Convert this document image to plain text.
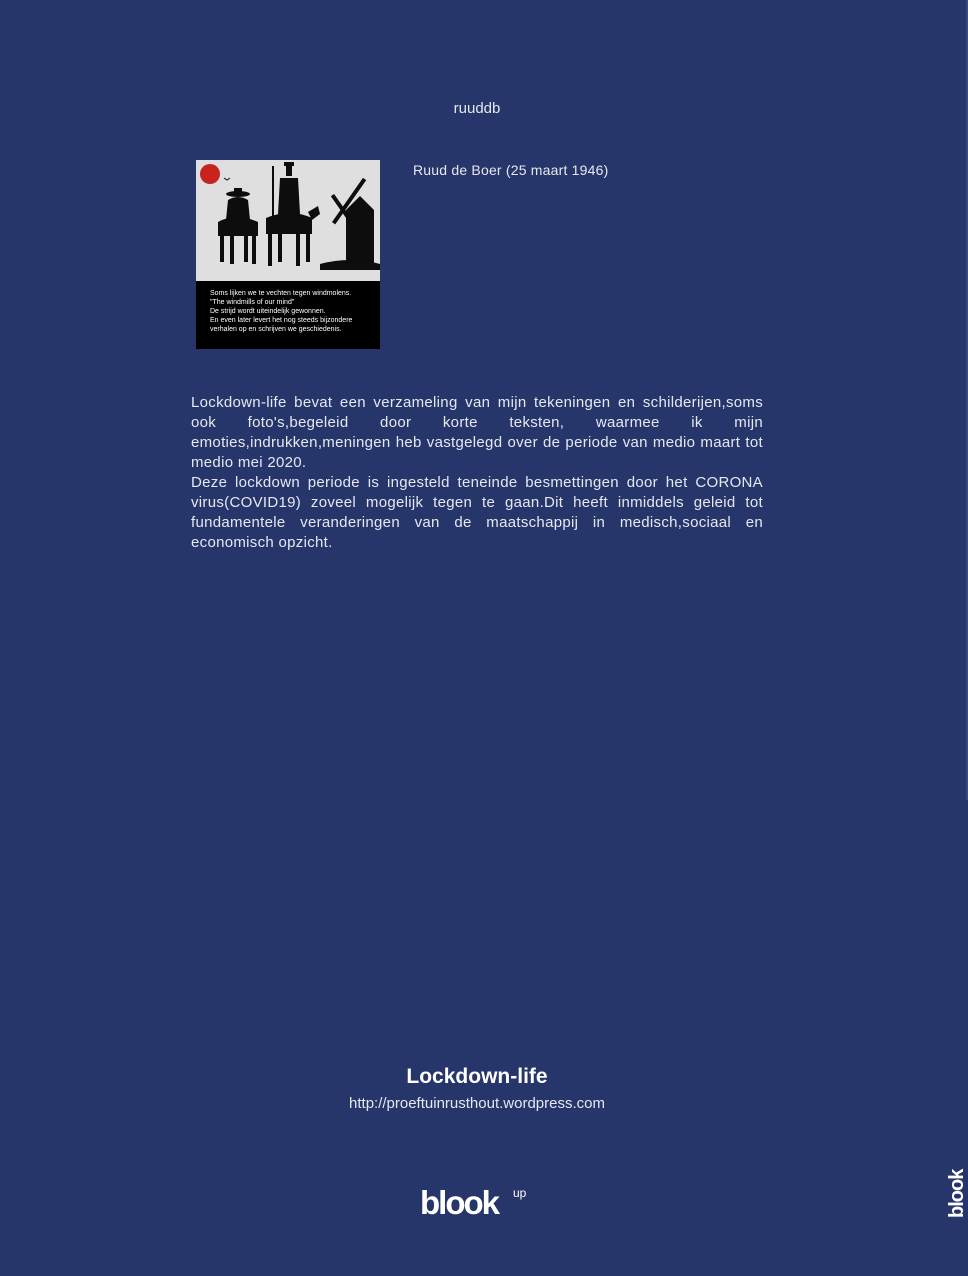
ruuddb
Soms lijken we te vechten tegen windmolens.
"The windmills of our mind"
De strijd wordt uiteindelijk gewonnen.
En even later levert het nog steeds bijzondere
verhalen op en schrijven we geschiedenis.
Ruud de Boer (25 maart 1946)

Lockdown-life bevat een verzameling van mijn tekeningen en schilderijen,soms ook foto's,begeleid door korte teksten, waarmee ik mijn emoties,indrukken,meningen heb vastgelegd over de periode van medio maart tot medio mei 2020.

Deze lockdown periode is ingesteld teneinde besmettingen door het CORONA virus(COVID19) zoveel mogelijk tegen te gaan.Dit heeft inmiddels geleid tot fundamentele veranderingen van de maatschappij in medisch,sociaal en economisch opzicht.

Lockdown-life
http://proeftuinrusthout.wordpress.com
blook up	blook
